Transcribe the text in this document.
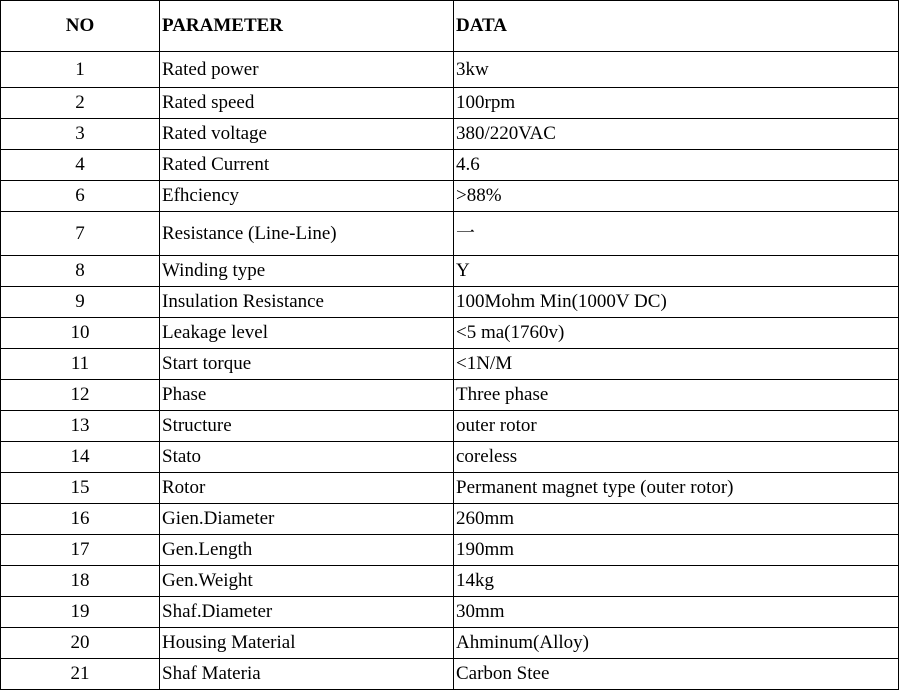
NO	PARAMETER	DATA
1	Rated power	3kw
2	Rated speed	100rpm
3	Rated voltage	380/220VAC
4	Rated Current	4.6
6	Efhciency	>88%
7	Resistance (Line-Line)	一
8	Winding type	Y
9	Insulation Resistance	100Mohm Min(1000V DC)
10	Leakage level	<5 ma(1760v)
11	Start torque	<1N/M
12	Phase	Three phase
13	Structure	outer rotor
14	Stato	coreless
15	Rotor	Permanent magnet type (outer rotor)
16	Gien.Diameter	260mm
17	Gen.Length	190mm
18	Gen.Weight	14kg
19	Shaf.Diameter	30mm
20	Housing Material	Ahminum(Alloy)
21	Shaf Materia	Carbon Stee
